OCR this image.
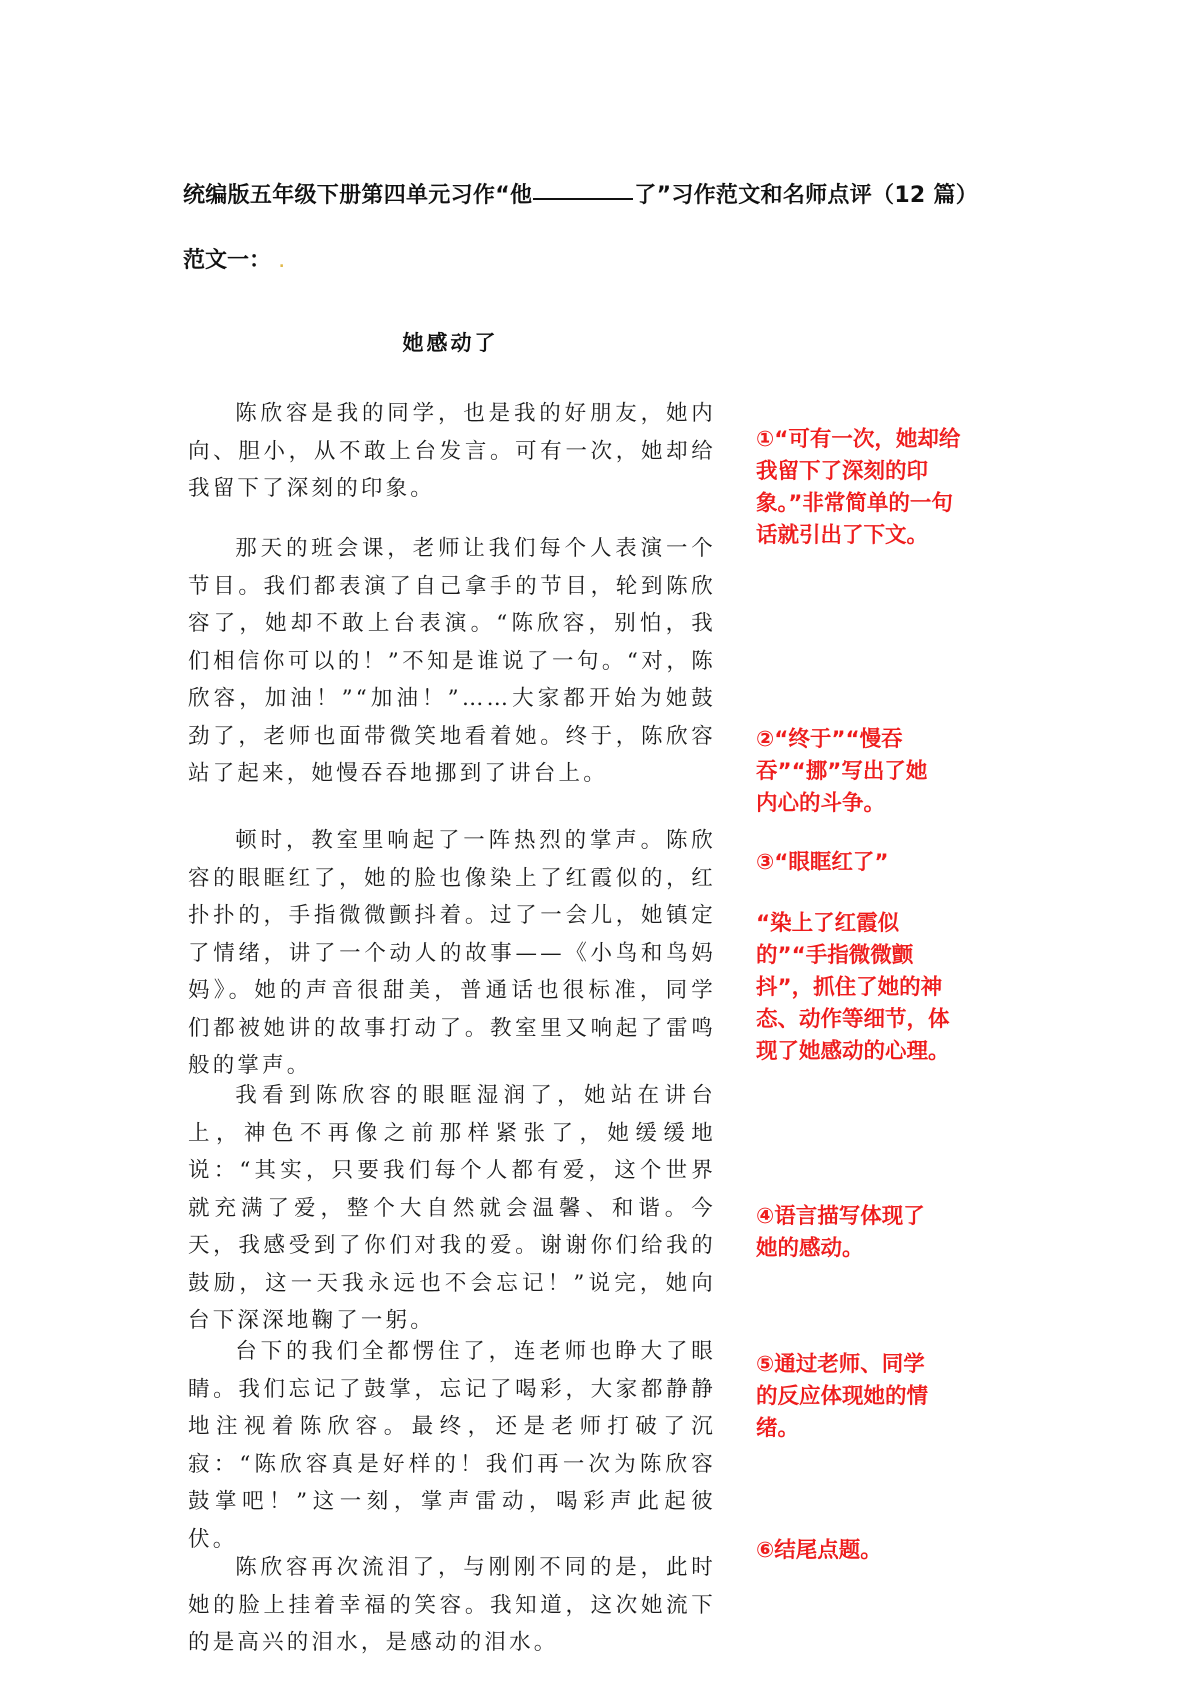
统编版五年级下册第四单元习作“他	了”习作范文和名师点评（12 篇）
范文一： .
她感动了

陈欣容是我的同学，也是我的好朋友，她内向、胆小，从不敢上台发言。可有一次，她却给我留下了深刻的印象。

那天的班会课，老师让我们每个人表演一个节目。我们都表演了自己拿手的节目，轮到陈欣容了，她却不敢上台表演。“陈欣容，别怕，我们相信你可以的！”不知是谁说了一句。“对，陈欣容，加油！”“加油！”……大家都开始为她鼓劲了，老师也面带微笑地看着她。终于，陈欣容站了起来，她慢吞吞地挪到了讲台上。

顿时，教室里响起了一阵热烈的掌声。陈欣容的眼眶红了，她的脸也像染上了红霞似的，红扑扑的，手指微微颤抖着。过了一会儿，她镇定了情绪，讲了一个动人的故事——《小鸟和鸟妈妈》。她的声音很甜美，普通话也很标准，同学们都被她讲的故事打动了。教室里又响起了雷鸣般的掌声。

我看到陈欣容的眼眶湿润了，她站在讲台上，神色不再像之前那样紧张了，她缓缓地说：“其实，只要我们每个人都有爱，这个世界就充满了爱，整个大自然就会温馨、和谐。今天，我感受到了你们对我的爱。谢谢你们给我的鼓励，这一天我永远也不会忘记！”说完，她向台下深深地鞠了一躬。

台下的我们全都愣住了，连老师也睁大了眼睛。我们忘记了鼓掌，忘记了喝彩，大家都静静地注视着陈欣容。最终，还是老师打破了沉寂：“陈欣容真是好样的！我们再一次为陈欣容鼓掌吧！”这一刻，掌声雷动，喝彩声此起彼伏。

陈欣容再次流泪了，与刚刚不同的是，此时她的脸上挂着幸福的笑容。我知道，这次她流下的是高兴的泪水，是感动的泪水。

①“可有一次，她却给我留下了深刻的印象。”非常简单的一句话就引出了下文。

②“终于”“慢吞吞”“挪”写出了她内心的斗争。

③“眼眶红了”

“染上了红霞似的”“手指微微颤抖”，抓住了她的神态、动作等细节，体现了她感动的心理。

④语言描写体现了她的感动。

⑤通过老师、同学的反应体现她的情绪。

⑥结尾点题。
